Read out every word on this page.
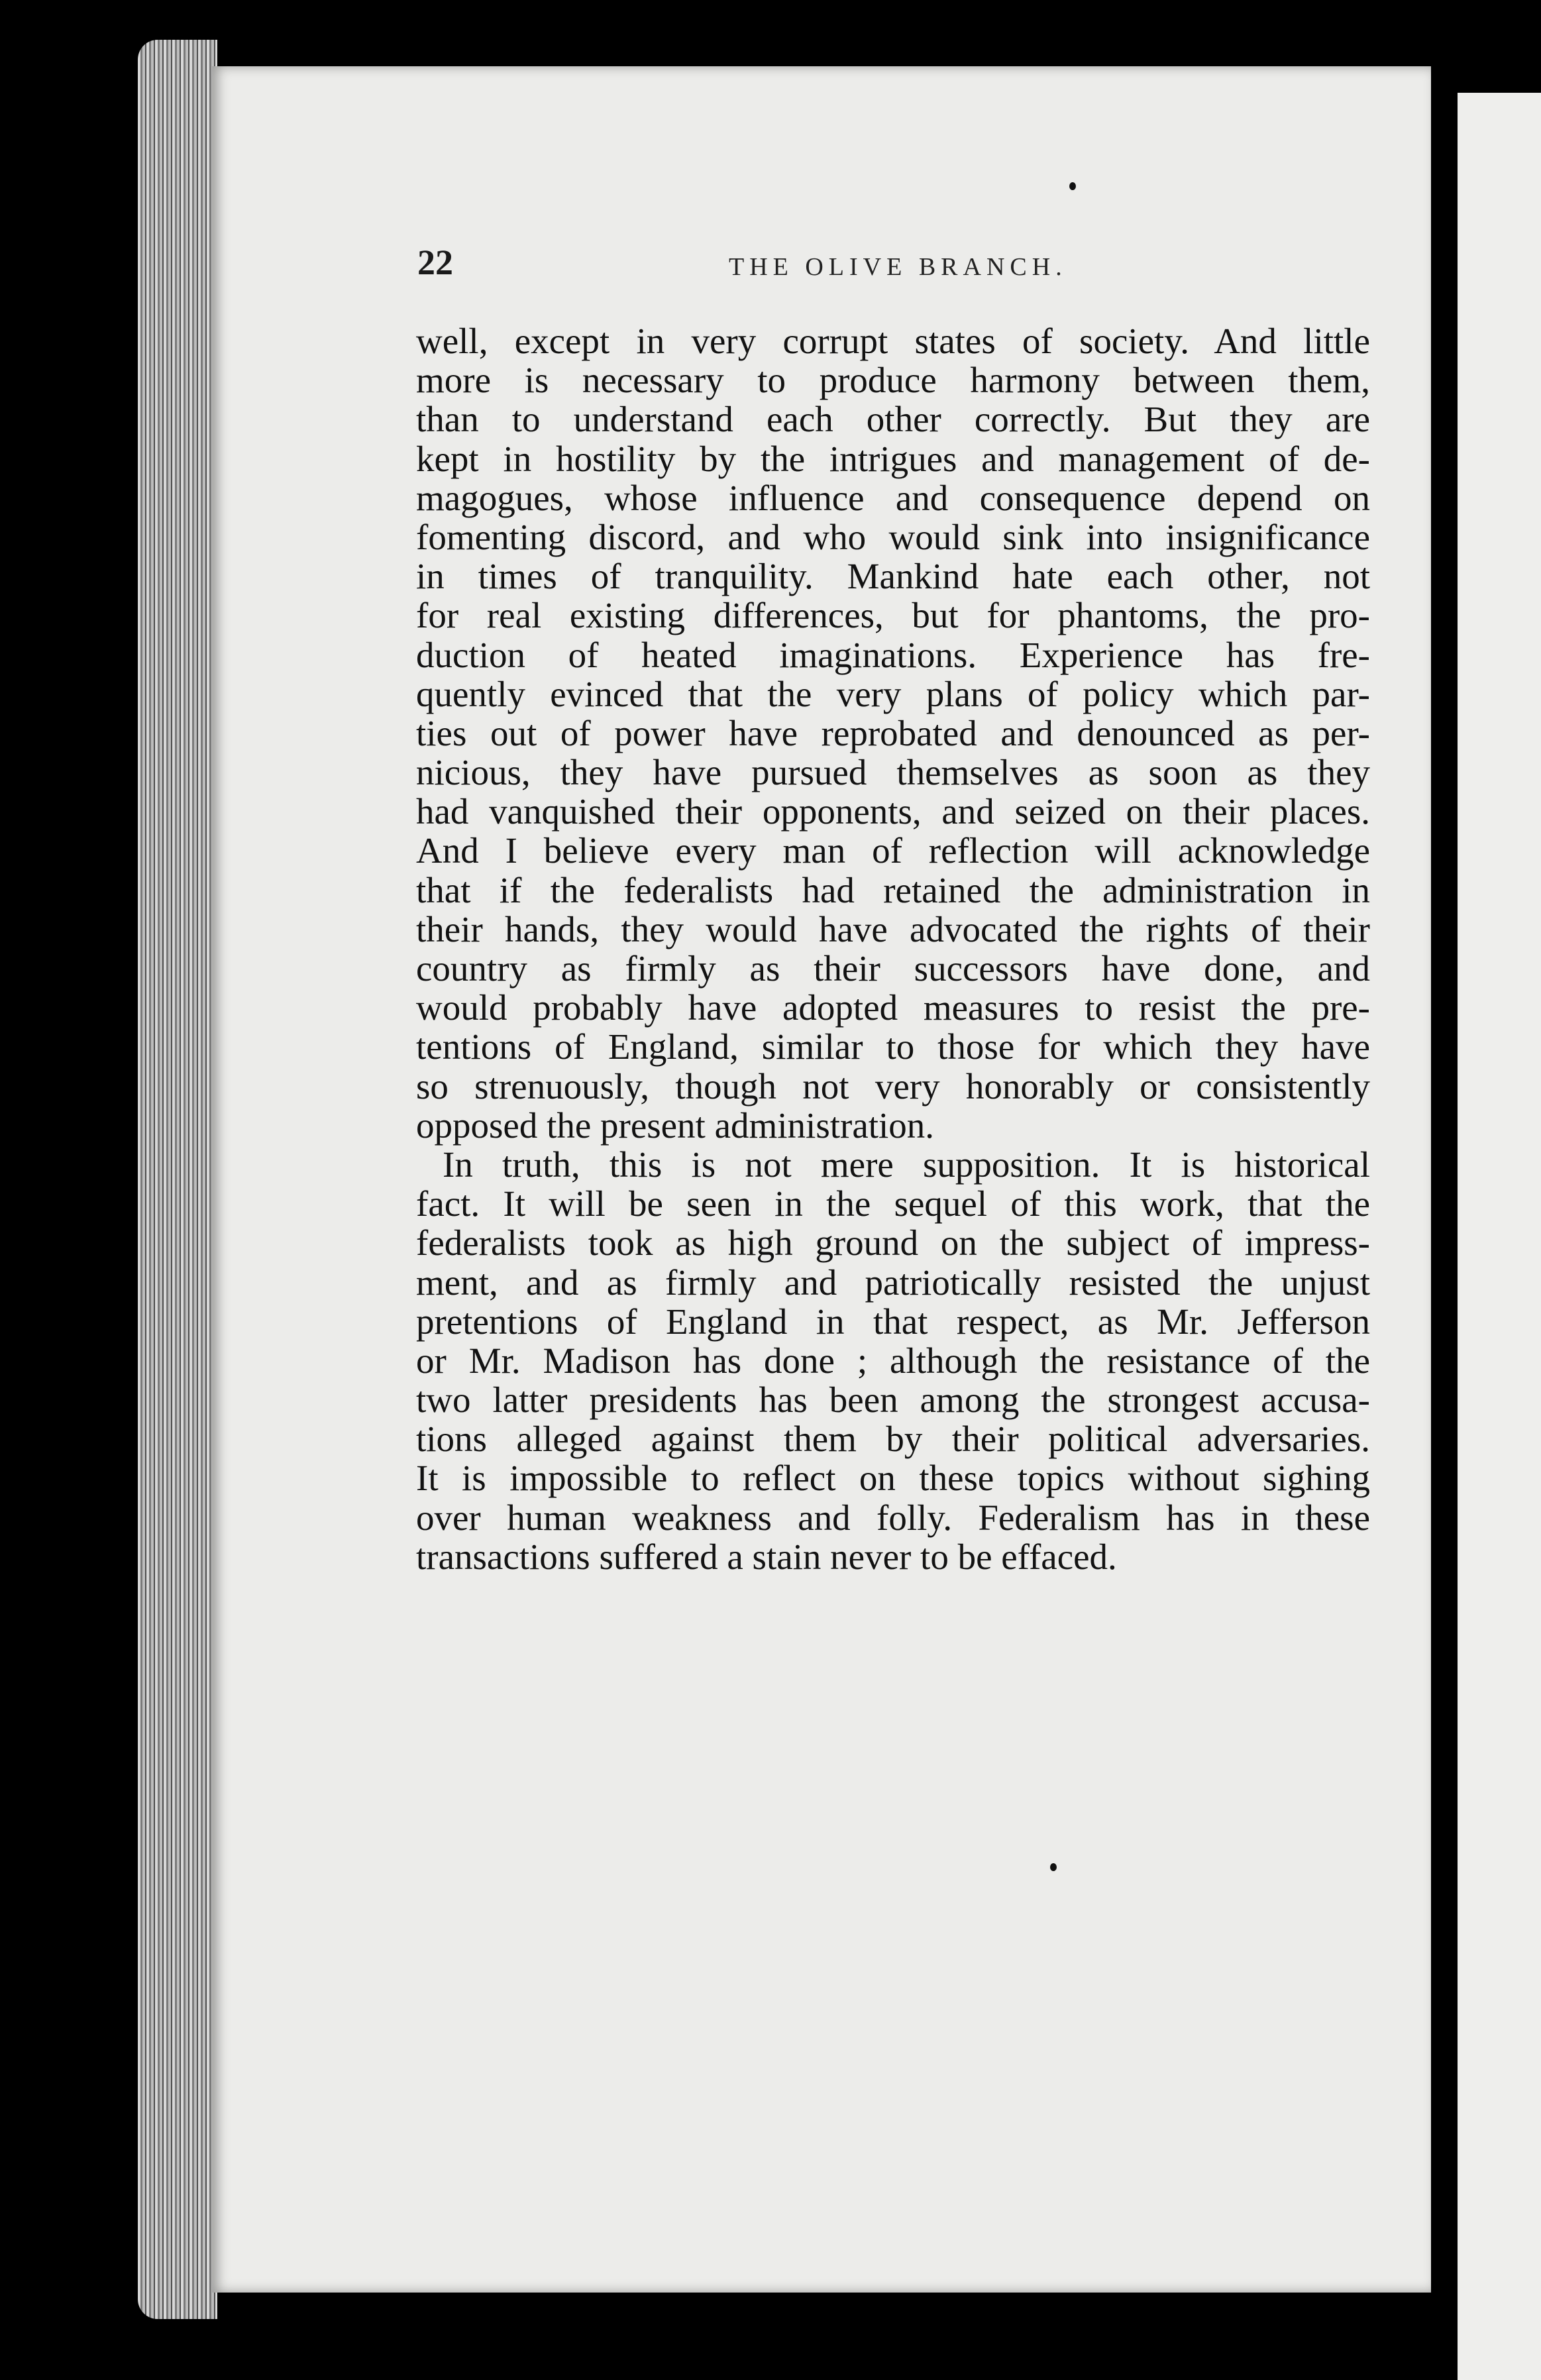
22	THE OLIVE BRANCH.
well, except in very corrupt states of society. And little
more is necessary to produce harmony between them,
than to understand each other correctly. But they are
kept in hostility by the intrigues and management of de-
magogues, whose influence and consequence depend on
fomenting discord, and who would sink into insignificance
in times of tranquility. Mankind hate each other, not
for real existing differences, but for phantoms, the pro-
duction of heated imaginations. Experience has fre-
quently evinced that the very plans of policy which par-
ties out of power have reprobated and denounced as per-
nicious, they have pursued themselves as soon as they
had vanquished their opponents, and seized on their places.
And I believe every man of reflection will acknowledge
that if the federalists had retained the administration in
their hands, they would have advocated the rights of their
country as firmly as their successors have done, and
would probably have adopted measures to resist the pre-
tentions of England, similar to those for which they have
so strenuously, though not very honorably or consistently
opposed the present administration.
In truth, this is not mere supposition. It is historical
fact. It will be seen in the sequel of this work, that the
federalists took as high ground on the subject of impress-
ment, and as firmly and patriotically resisted the unjust
pretentions of England in that respect, as Mr. Jefferson
or Mr. Madison has done ; although the resistance of the
two latter presidents has been among the strongest accusa-
tions alleged against them by their political adversaries.
It is impossible to reflect on these topics without sighing
over human weakness and folly. Federalism has in these
transactions suffered a stain never to be effaced.
